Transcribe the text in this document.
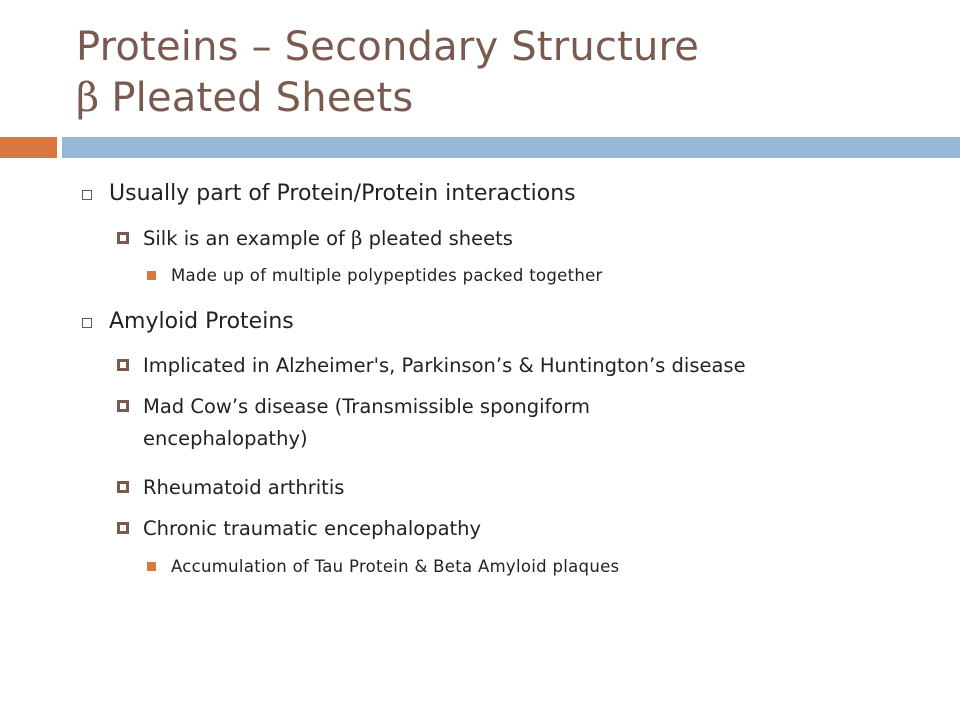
Proteins – Secondary Structure
β Pleated Sheets
Usually part of Protein/Protein interactions
Silk is an example of β pleated sheets
Made up of multiple polypeptides packed together
Amyloid Proteins
Implicated in Alzheimer's, Parkinson’s & Huntington’s disease
Mad Cow’s disease (Transmissible spongiform
encephalopathy)
Rheumatoid arthritis
Chronic traumatic encephalopathy
Accumulation of Tau Protein & Beta Amyloid plaques
